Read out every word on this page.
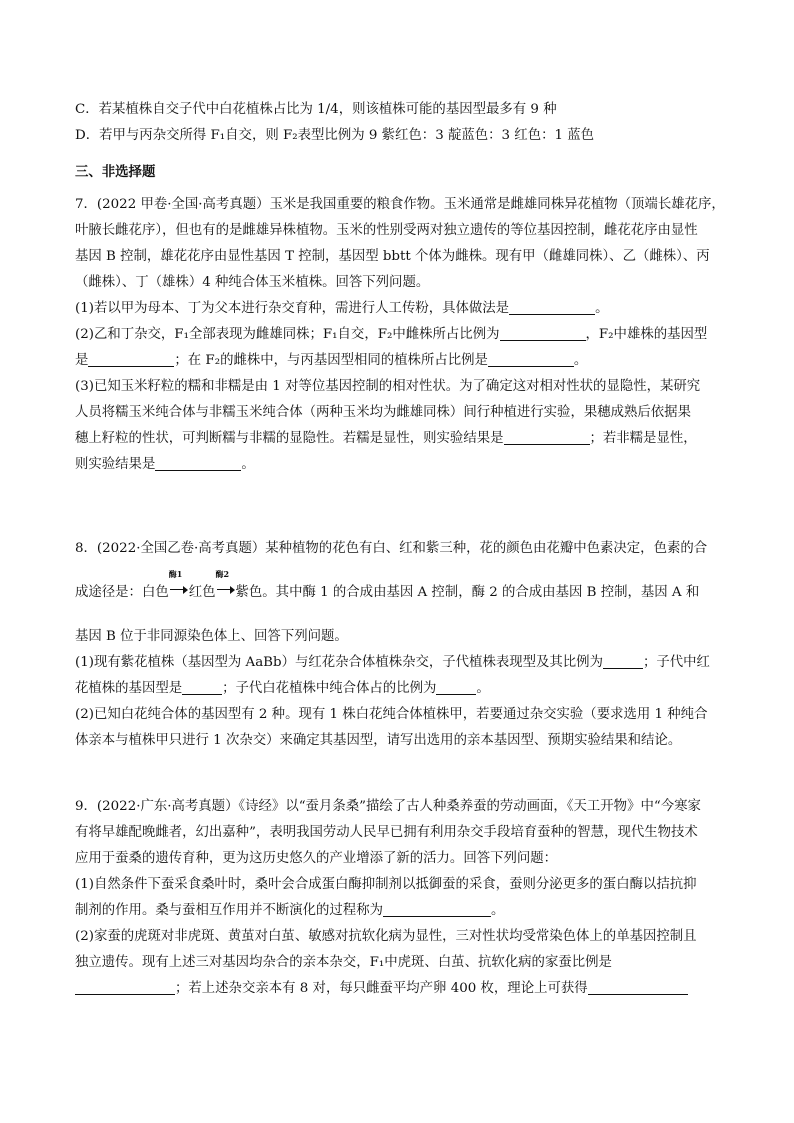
C．若某植株自交子代中白花植株占比为 1/4，则该植株可能的基因型最多有 9 种
D．若甲与丙杂交所得 F₁自交，则 F₂表型比例为 9 紫红色：3 靛蓝色：3 红色：1 蓝色
三、非选择题
7．(2022 甲卷·全国·高考真题）玉米是我国重要的粮食作物。玉米通常是雌雄同株异花植物（顶端长雄花序，
叶腋长雌花序），但也有的是雌雄异株植物。玉米的性别受两对独立遗传的等位基因控制，雌花花序由显性
基因 B 控制，雄花花序由显性基因 T 控制，基因型 bbtt 个体为雌株。现有甲（雌雄同株）、乙（雌株）、丙
（雌株）、丁（雄株）4 种纯合体玉米植株。回答下列问题。
(1)若以甲为母本、丁为父本进行杂交育种，需进行人工传粉，具体做法是	。
(2)乙和丁杂交，F₁全部表现为雌雄同株；F₁自交，F₂中雌株所占比例为	，F₂中雄株的基因型
是	；在 F₂的雌株中，与丙基因型相同的植株所占比例是	。
(3)已知玉米籽粒的糯和非糯是由 1 对等位基因控制的相对性状。为了确定这对相对性状的显隐性，某研究
人员将糯玉米纯合体与非糯玉米纯合体（两种玉米均为雌雄同株）间行种植进行实验，果穗成熟后依据果
穗上籽粒的性状，可判断糯与非糯的显隐性。若糯是显性，则实验结果是	；若非糯是显性，
则实验结果是	。
8．(2022·全国乙卷·高考真题）某种植物的花色有白、红和紫三种，花的颜色由花瓣中色素决定，色素的合
成途径是：白色
酶1
红色
酶2
紫色。其中酶 1 的合成由基因 A 控制，酶 2 的合成由基因 B 控制，基因 A 和
基因 B 位于非同源染色体上、回答下列问题。
(1)现有紫花植株（基因型为 AaBb）与红花杂合体植株杂交，子代植株表现型及其比例为	；子代中红
花植株的基因型是	；子代白花植株中纯合体占的比例为	。
(2)已知白花纯合体的基因型有 2 种。现有 1 株白花纯合体植株甲，若要通过杂交实验（要求选用 1 种纯合
体亲本与植株甲只进行 1 次杂交）来确定其基因型，请写出选用的亲本基因型、预期实验结果和结论。
9．(2022·广东·高考真题）《诗经》以“蚕月条桑”描绘了古人种桑养蚕的劳动画面，《天工开物》中“今寒家
有将早雄配晚雌者，幻出嘉种”，表明我国劳动人民早已拥有利用杂交手段培育蚕种的智慧，现代生物技术
应用于蚕桑的遗传育种，更为这历史悠久的产业增添了新的活力。回答下列问题：
(1)自然条件下蚕采食桑叶时，桑叶会合成蛋白酶抑制剂以抵御蚕的采食，蚕则分泌更多的蛋白酶以拮抗抑
制剂的作用。桑与蚕相互作用并不断演化的过程称为	。
(2)家蚕的虎斑对非虎斑、黄茧对白茧、敏感对抗软化病为显性，三对性状均受常染色体上的单基因控制且
独立遗传。现有上述三对基因均杂合的亲本杂交，F₁中虎斑、白茧、抗软化病的家蚕比例是
；若上述杂交亲本有 8 对，每只雌蚕平均产卵 400 枚，理论上可获得
